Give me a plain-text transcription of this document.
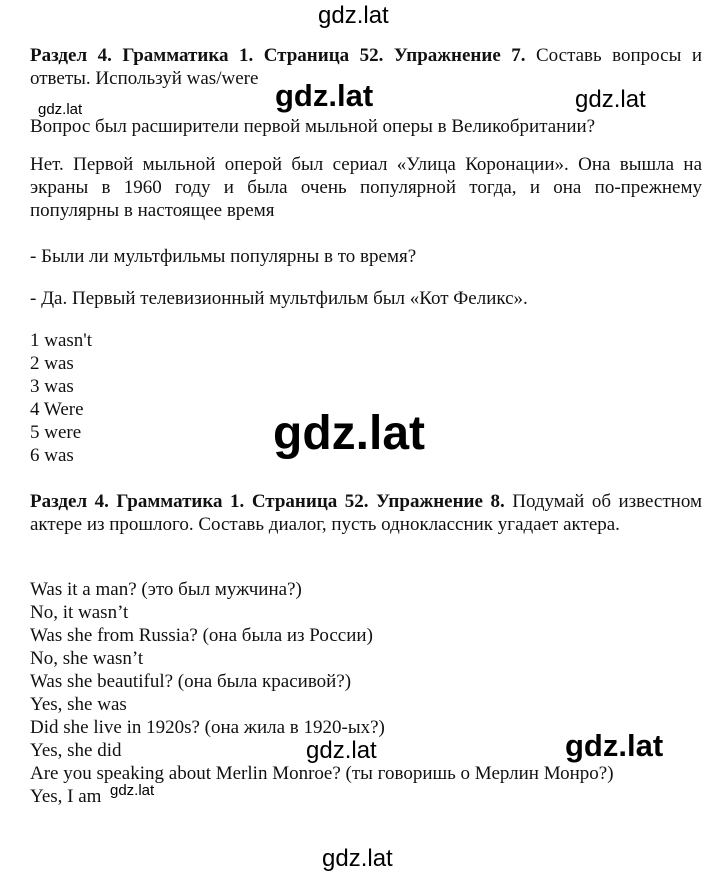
gdz.lat
Раздел 4. Грамматика 1. Страница 52. Упражнение 7. Составь вопросы и ответы. Используй was/were
gdz.lat	gdz.lat	gdz.lat
Вопрос был расширители первой мыльной оперы в Великобритании?
Нет. Первой мыльной оперой был сериал «Улица Коронации». Она вышла на экраны в 1960 году и была очень популярной тогда, и она по-прежнему популярны в настоящее время
- Были ли мультфильмы популярны в то время?
- Да. Первый телевизионный мультфильм был «Кот Феликс».
1 wasn't
2 was
3 was
4 Were
5 were
6 was	gdz.lat
Раздел 4. Грамматика 1. Страница 52. Упражнение 8. Подумай об известном актере из прошлого. Составь диалог, пусть одноклассник угадает актера.
Was it a man? (это был мужчина?)
No, it wasn’t
Was she from Russia? (она была из России)
No, she wasn’t
Was she beautiful? (она была красивой?)
Yes, she was
Did she live in 1920s? (она жила в 1920-ых?)
Yes, she did
Are you speaking about Merlin Monroe? (ты говоришь о Мерлин Монро?)
Yes, I am
gdz.lat	gdz.lat
gdz.lat
gdz.lat
